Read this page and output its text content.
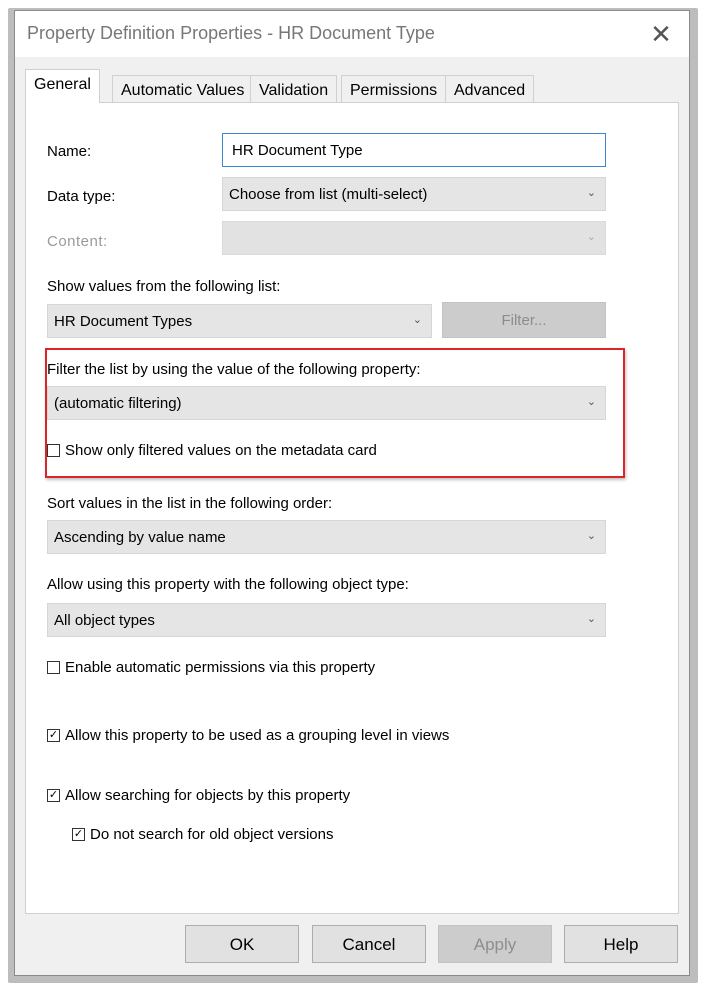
Property Definition Properties - HR Document Type	✕
General	Automatic Values Validation	Permissions	Advanced
Name:	HR Document Type
Data type:	Choose from list (multi-select)	⌄
Content:	⌄
Show values from the following list:
HR Document Types	⌄	Filter...
Filter the list by using the value of the following property:
(automatic filtering)	⌄
Show only filtered values on the metadata card
Sort values in the list in the following order:
Ascending by value name	⌄
Allow using this property with the following object type:
All object types	⌄
Enable automatic permissions via this property
✓ Allow this property to be used as a grouping level in views
✓ Allow searching for objects by this property
✓ Do not search for old object versions
OK	Cancel	Apply	Help
